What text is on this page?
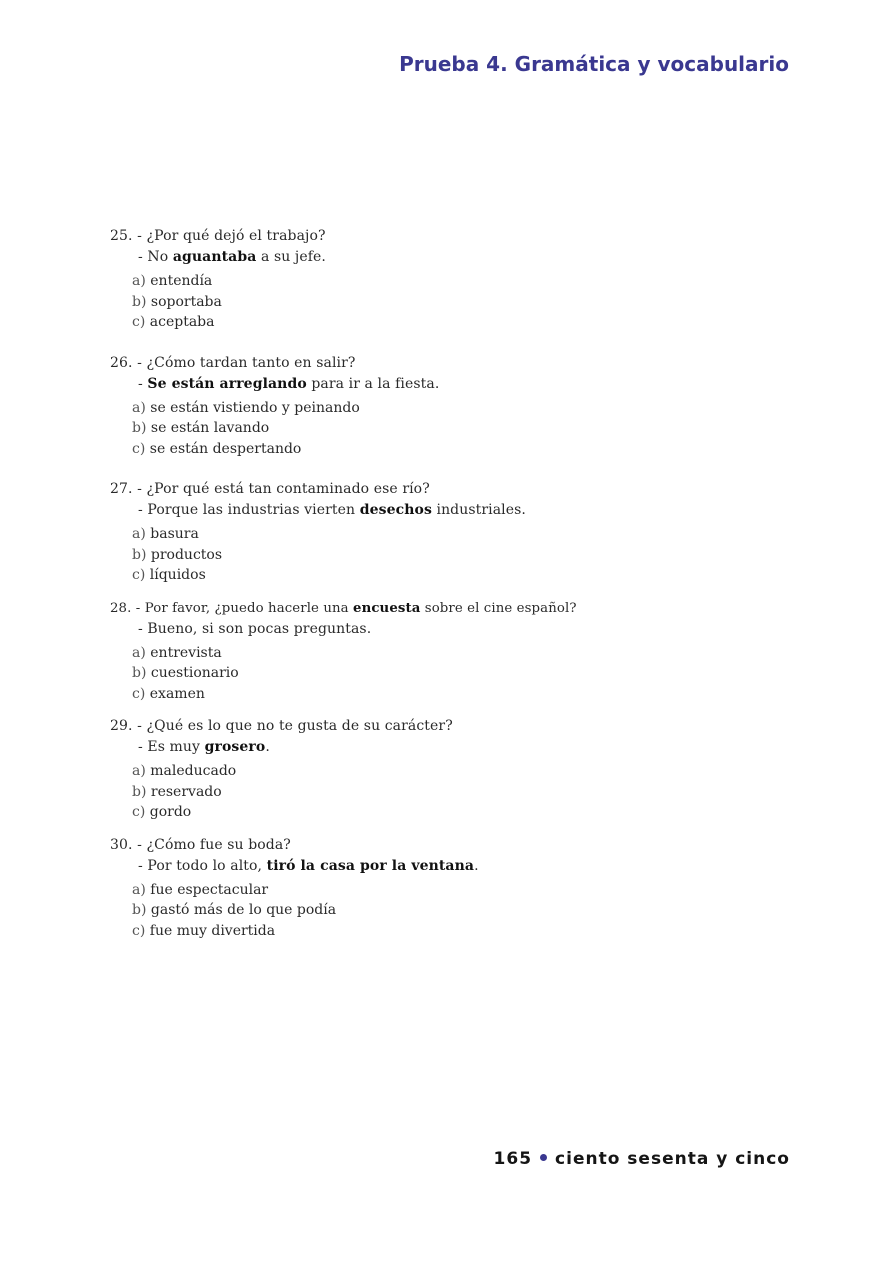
Prueba 4. Gramática y vocabulario
25. - ¿Por qué dejó el trabajo?
- No aguantaba a su jefe.
a) entendía
b) soportaba
c) aceptaba
26. - ¿Cómo tardan tanto en salir?
- Se están arreglando para ir a la fiesta.
a) se están vistiendo y peinando
b) se están lavando
c) se están despertando
27. - ¿Por qué está tan contaminado ese río?
- Porque las industrias vierten desechos industriales.
a) basura
b) productos
c) líquidos
28. - Por favor, ¿puedo hacerle una encuesta sobre el cine español?
- Bueno, si son pocas preguntas.
a) entrevista
b) cuestionario
c) examen
29. - ¿Qué es lo que no te gusta de su carácter?
- Es muy grosero.
a) maleducado
b) reservado
c) gordo
30. - ¿Cómo fue su boda?
- Por todo lo alto, tiró la casa por la ventana.
a) fue espectacular
b) gastó más de lo que podía
c) fue muy divertida
165 ciento sesenta y cinco
